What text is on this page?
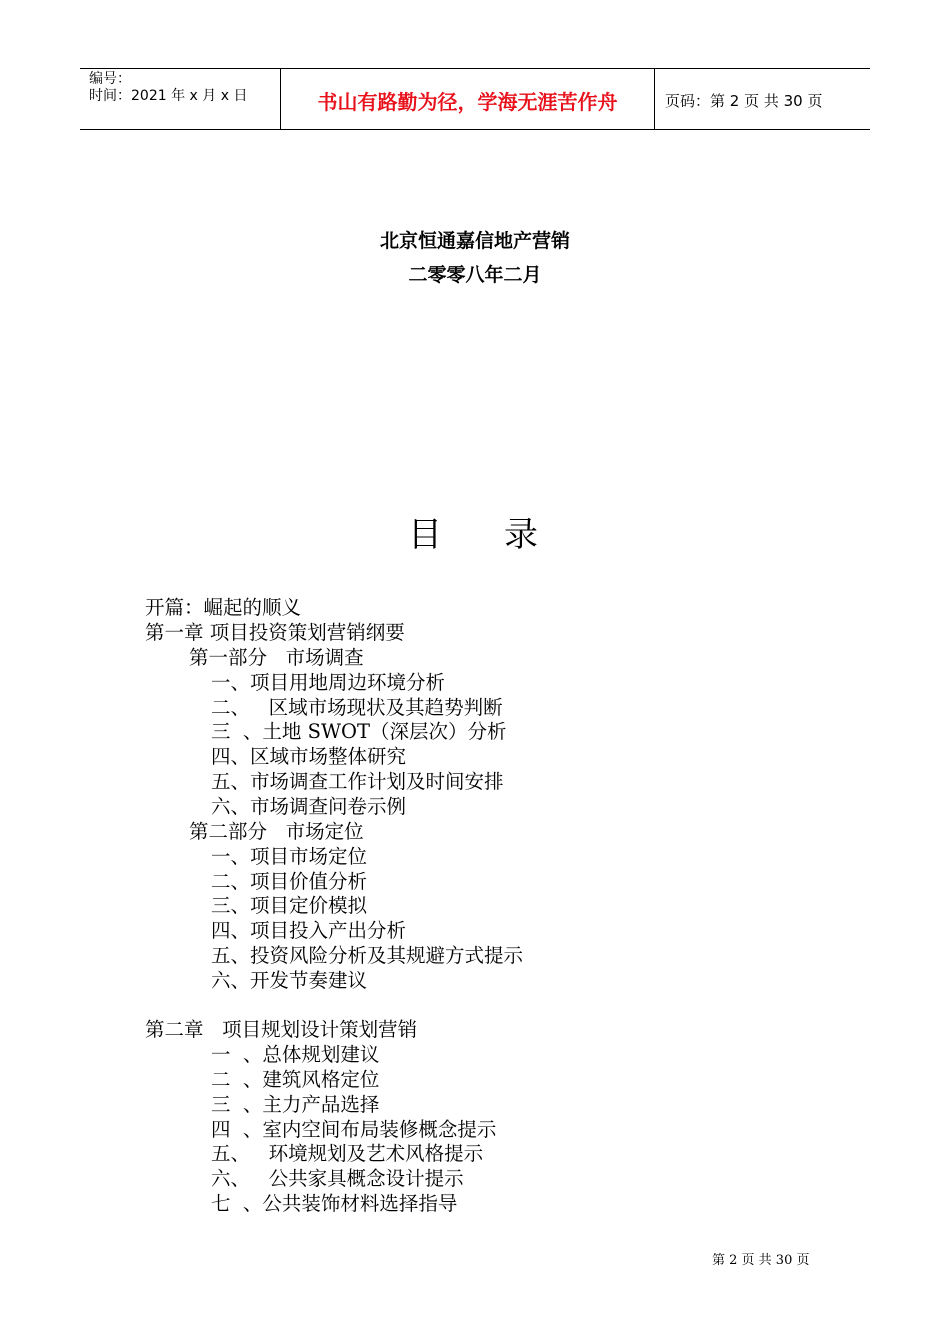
编号：
时间：2021 年 x 月 x 日	书山有路勤为径，学海无涯苦作舟	页码：第 2 页 共 30 页
北京恒通嘉信地产营销
二零零八年二月
目 录
开篇：崛起的顺义
第一章 项目投资策划营销纲要
第一部分   市场调查
一、项目用地周边环境分析
二、   区域市场现状及其趋势判断
三  、土地 SWOT（深层次）分析
四、区域市场整体研究
五、市场调查工作计划及时间安排
六、市场调查问卷示例
第二部分   市场定位
一、项目市场定位
二、项目价值分析
三、项目定价模拟
四、项目投入产出分析
五、投资风险分析及其规避方式提示
六、开发节奏建议
第二章   项目规划设计策划营销
一  、总体规划建议
二  、建筑风格定位
三  、主力产品选择
四  、室内空间布局装修概念提示
五、   环境规划及艺术风格提示
六、   公共家具概念设计提示
七  、公共装饰材料选择指导
第 2 页 共 30 页
